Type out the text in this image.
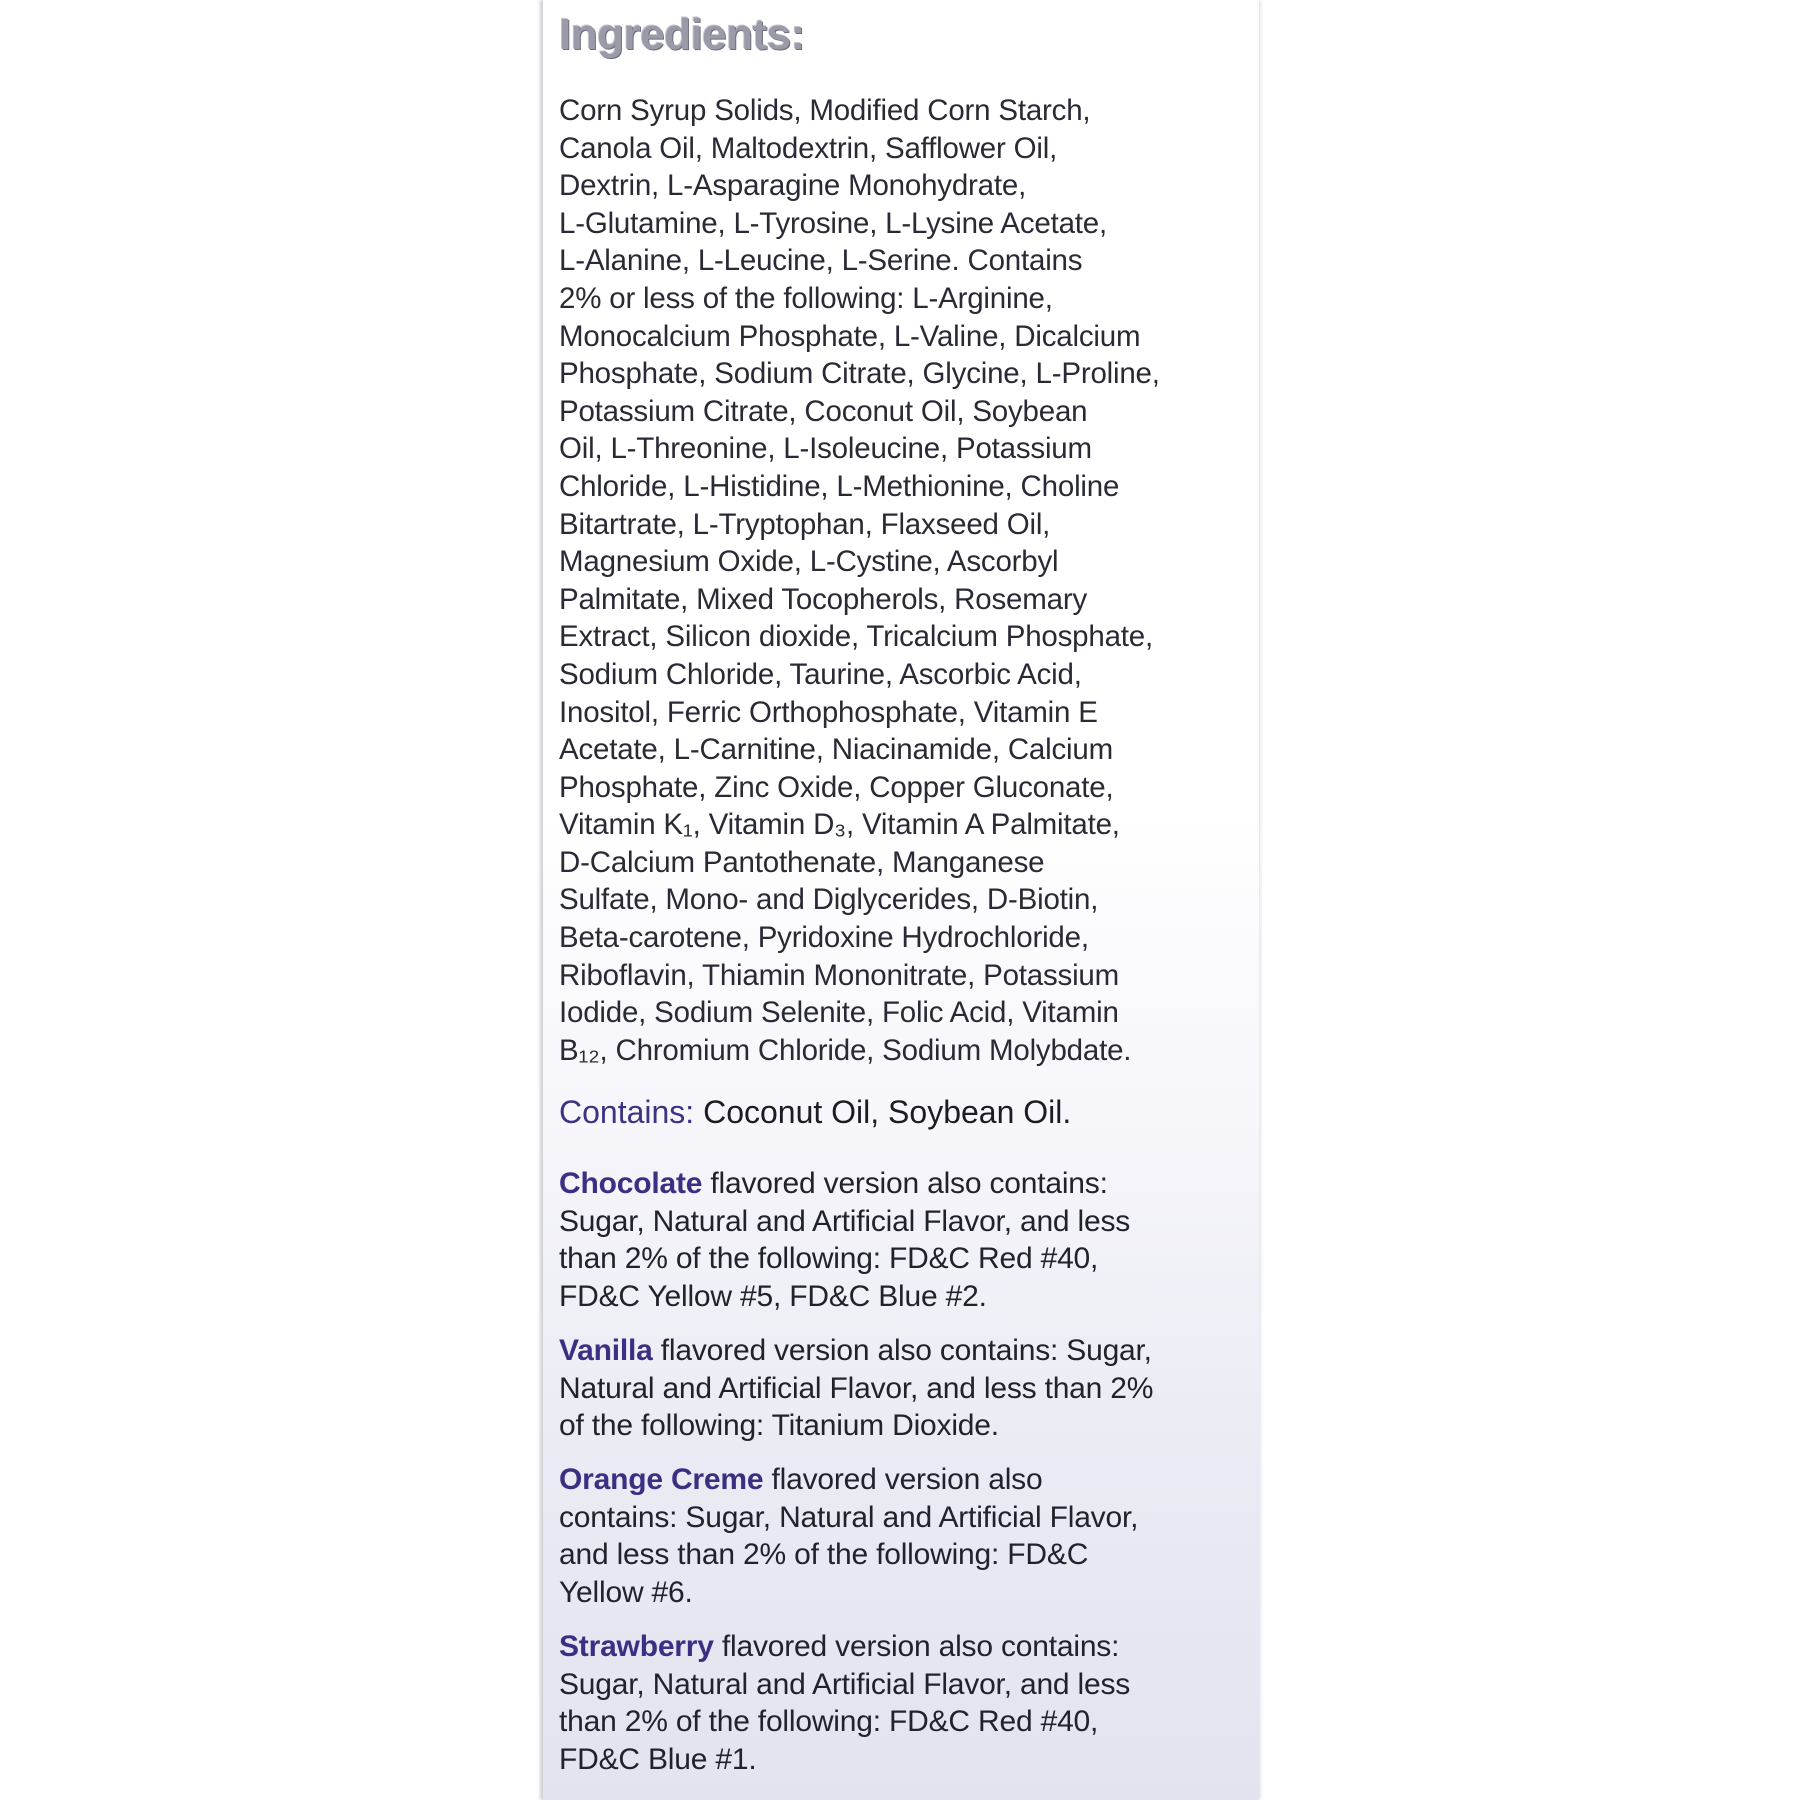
Ingredients:

Corn Syrup Solids, Modified Corn Starch,
Canola Oil, Maltodextrin, Safflower Oil,
Dextrin, L-Asparagine Monohydrate,
L-Glutamine, L-Tyrosine, L-Lysine Acetate,
L-Alanine, L-Leucine, L-Serine. Contains
2% or less of the following: L-Arginine,
Monocalcium Phosphate, L-Valine, Dicalcium
Phosphate, Sodium Citrate, Glycine, L-Proline,
Potassium Citrate, Coconut Oil, Soybean
Oil, L-Threonine, L-Isoleucine, Potassium
Chloride, L-Histidine, L-Methionine, Choline
Bitartrate, L-Tryptophan, Flaxseed Oil,
Magnesium Oxide, L-Cystine, Ascorbyl
Palmitate, Mixed Tocopherols, Rosemary
Extract, Silicon dioxide, Tricalcium Phosphate,
Sodium Chloride, Taurine, Ascorbic Acid,
Inositol, Ferric Orthophosphate, Vitamin E
Acetate, L-Carnitine, Niacinamide, Calcium
Phosphate, Zinc Oxide, Copper Gluconate,
Vitamin K₁, Vitamin D₃, Vitamin A Palmitate,
D-Calcium Pantothenate, Manganese
Sulfate, Mono- and Diglycerides, D-Biotin,
Beta-carotene, Pyridoxine Hydrochloride,
Riboflavin, Thiamin Mononitrate, Potassium
Iodide, Sodium Selenite, Folic Acid, Vitamin
B₁₂, Chromium Chloride, Sodium Molybdate.

Contains: Coconut Oil, Soybean Oil.
Chocolate flavored version also contains:
Sugar, Natural and Artificial Flavor, and less
than 2% of the following: FD&C Red #40,
FD&C Yellow #5, FD&C Blue #2.
Vanilla flavored version also contains: Sugar,
Natural and Artificial Flavor, and less than 2%
of the following: Titanium Dioxide.
Orange Creme flavored version also
contains: Sugar, Natural and Artificial Flavor,
and less than 2% of the following: FD&C
Yellow #6.
Strawberry flavored version also contains:
Sugar, Natural and Artificial Flavor, and less
than 2% of the following: FD&C Red #40,
FD&C Blue #1.
